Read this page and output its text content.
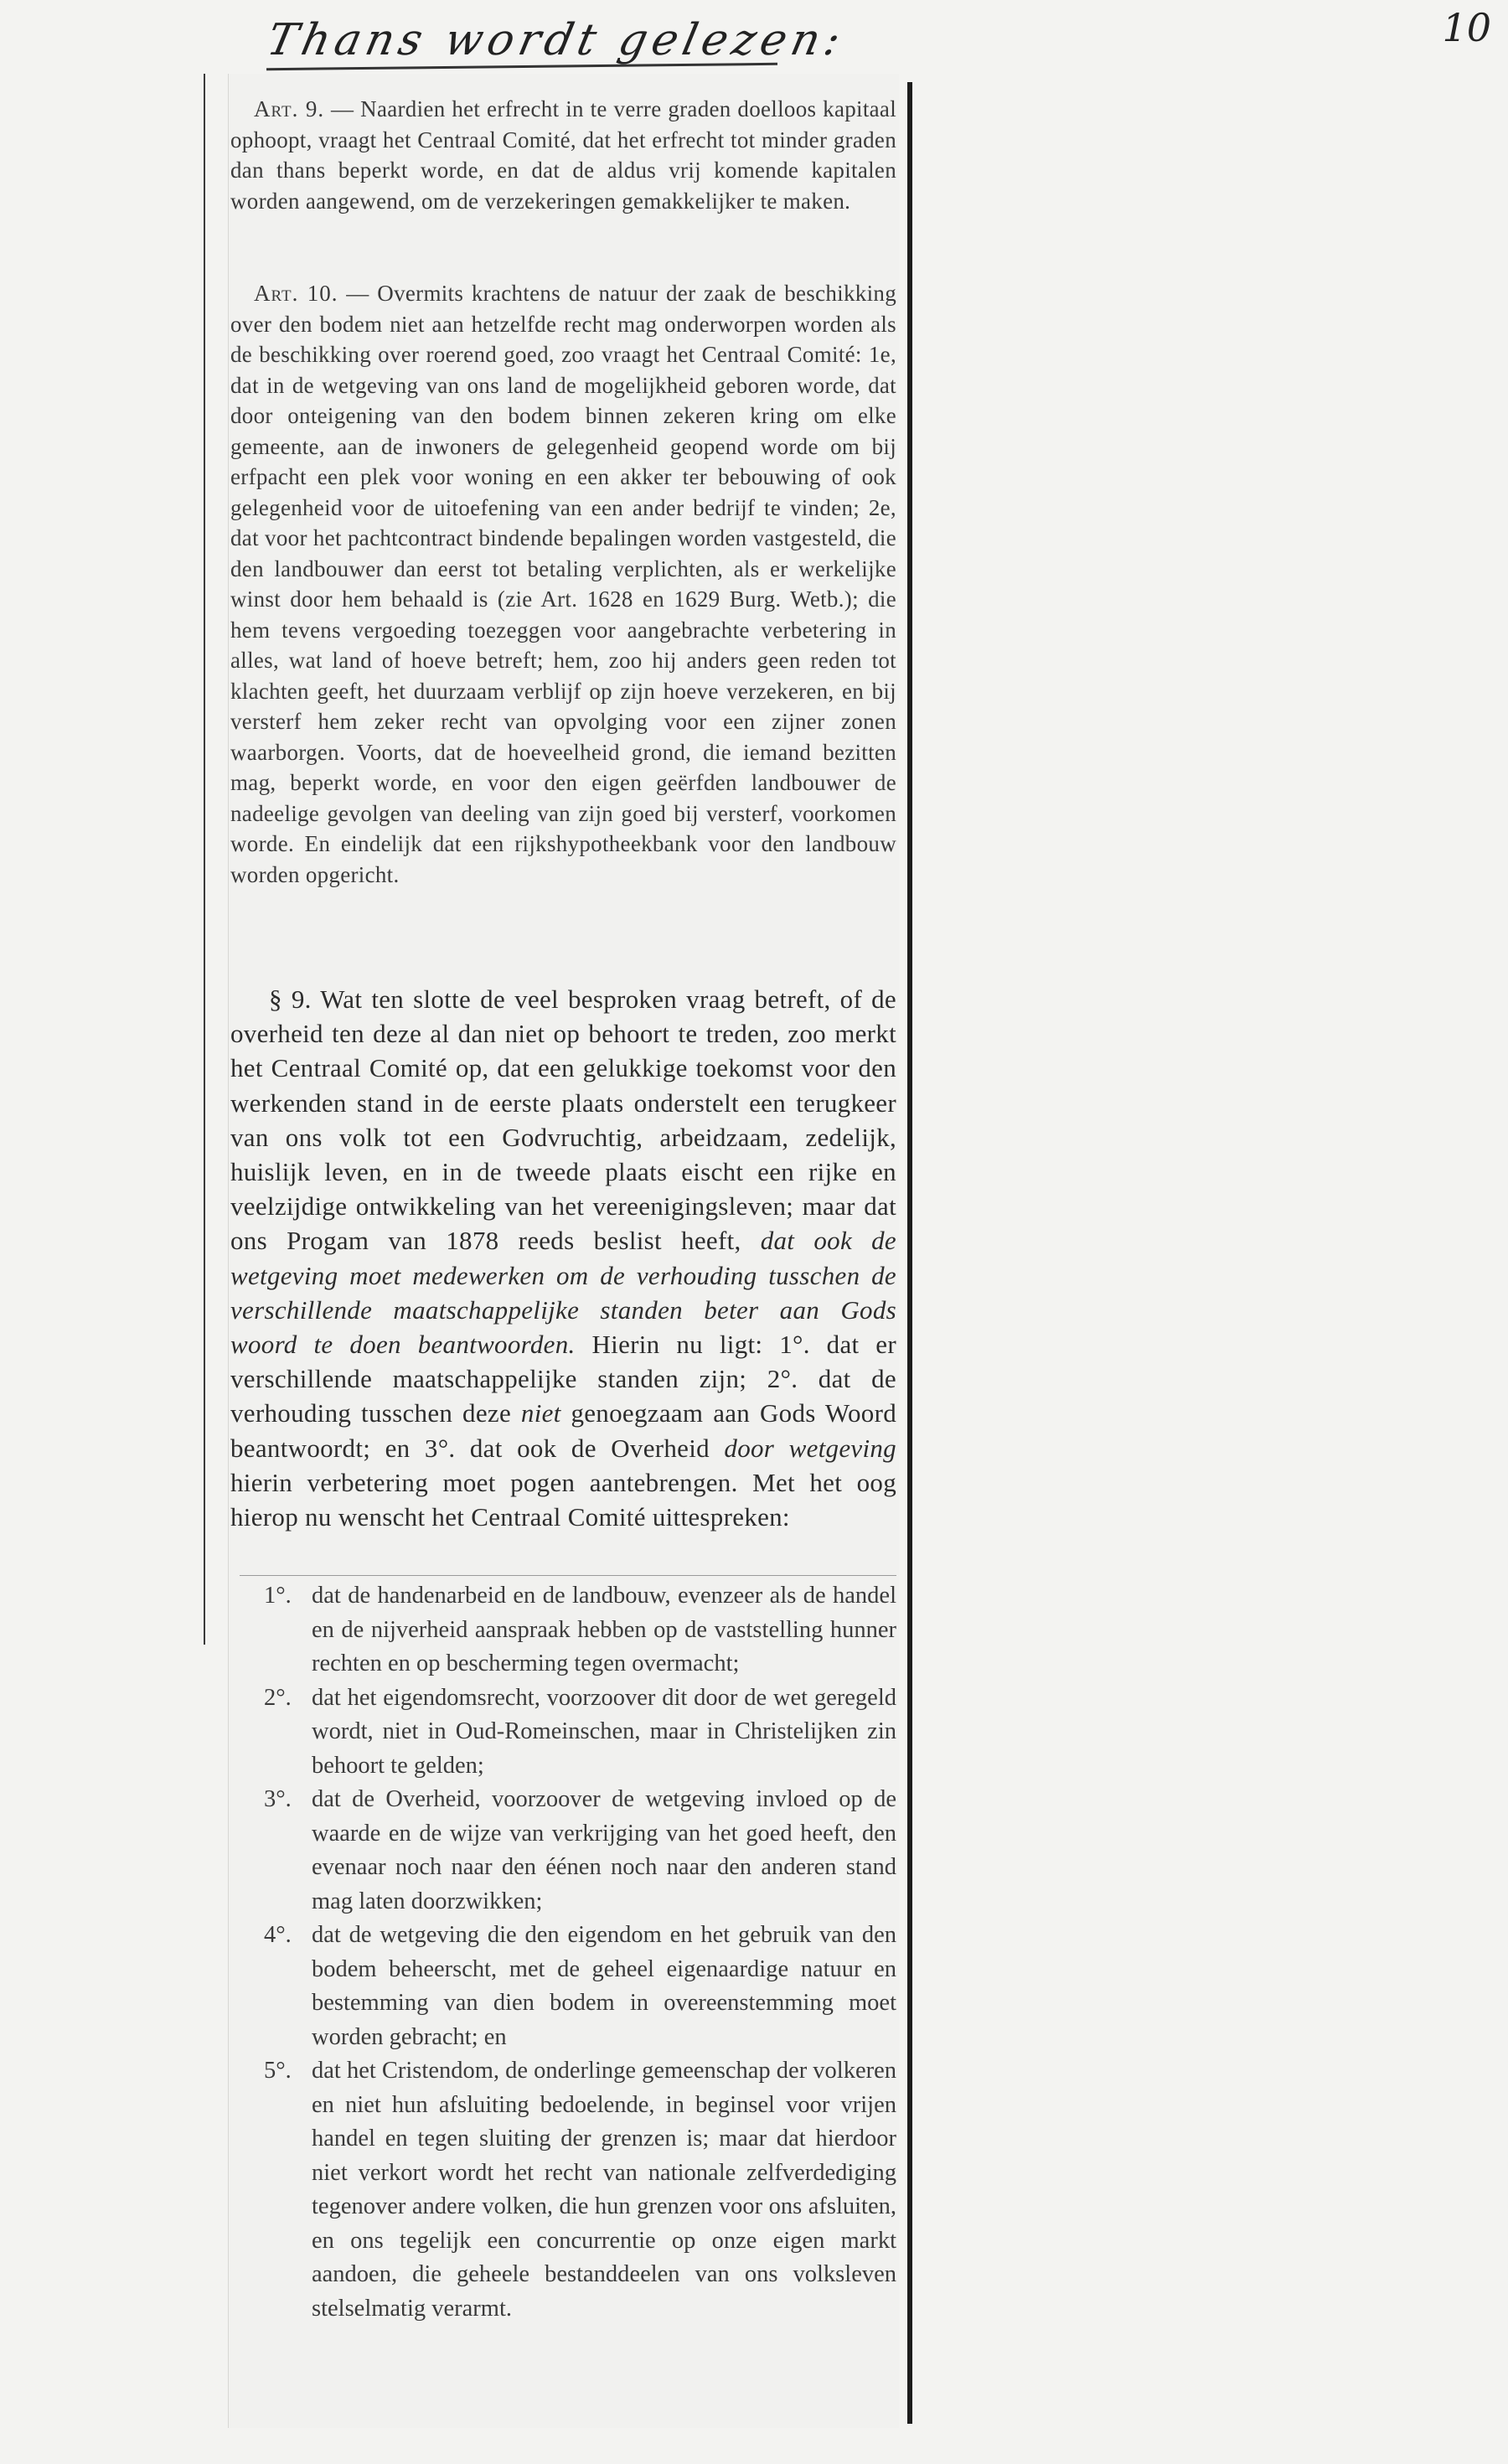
Thans wordt gelezen:	10
Art. 9. — Naardien het erfrecht in te verre graden doelloos kapitaal ophoopt, vraagt het Centraal Comité, dat het erfrecht tot minder graden dan thans beperkt worde, en dat de aldus vrij komende kapitalen worden aangewend, om de verzekeringen gemakkelijker te maken.
Art. 10. — Overmits krachtens de natuur der zaak de beschikking over den bodem niet aan hetzelfde recht mag onderworpen worden als de beschikking over roerend goed, zoo vraagt het Centraal Comité: 1e, dat in de wetgeving van ons land de mogelijkheid geboren worde, dat door onteigening van den bodem binnen zekeren kring om elke gemeente, aan de inwoners de gelegenheid geopend worde om bij erfpacht een plek voor woning en een akker ter bebouwing of ook gelegenheid voor de uitoefening van een ander bedrijf te vinden; 2e, dat voor het pachtcontract bindende bepalingen worden vastgesteld, die den landbouwer dan eerst tot betaling verplichten, als er werkelijke winst door hem behaald is (zie Art. 1628 en 1629 Burg. Wetb.); die hem tevens vergoeding toezeggen voor aangebrachte verbetering in alles, wat land of hoeve betreft; hem, zoo hij anders geen reden tot klachten geeft, het duurzaam verblijf op zijn hoeve verzekeren, en bij versterf hem zeker recht van opvolging voor een zijner zonen waarborgen. Voorts, dat de hoeveelheid grond, die iemand bezitten mag, beperkt worde, en voor den eigen geërfden landbouwer de nadeelige gevolgen van deeling van zijn goed bij versterf, voorkomen worde. En eindelijk dat een rijkshypotheekbank voor den landbouw worden opgericht.
§ 9. Wat ten slotte de veel besproken vraag betreft, of de overheid ten deze al dan niet op behoort te treden, zoo merkt het Centraal Comité op, dat een gelukkige toekomst voor den werkenden stand in de eerste plaats onderstelt een terugkeer van ons volk tot een Godvruchtig, arbeidzaam, zedelijk, huislijk leven, en in de tweede plaats eischt een rijke en veelzijdige ontwikkeling van het vereenigingsleven; maar dat ons Progam van 1878 reeds beslist heeft, dat ook de wetgeving moet medewerken om de verhouding tusschen de verschillende maatschappelijke standen beter aan Gods woord te doen beantwoorden. Hierin nu ligt: 1°. dat er verschillende maatschappelijke standen zijn; 2°. dat de verhouding tusschen deze niet genoegzaam aan Gods Woord beantwoordt; en 3°. dat ook de Overheid door wetgeving hierin verbetering moet pogen aantebrengen. Met het oog hierop nu wenscht het Centraal Comité uittespreken:
1°. dat de handenarbeid en de landbouw, evenzeer als de handel en de nijverheid aanspraak hebben op de vaststelling hunner rechten en op bescherming tegen overmacht;
2°. dat het eigendomsrecht, voorzoover dit door de wet geregeld wordt, niet in Oud-Romeinschen, maar in Christelijken zin behoort te gelden;
3°. dat de Overheid, voorzoover de wetgeving invloed op de waarde en de wijze van verkrijging van het goed heeft, den evenaar noch naar den éénen noch naar den anderen stand mag laten doorzwikken;
4°. dat de wetgeving die den eigendom en het gebruik van den bodem beheerscht, met de geheel eigenaardige natuur en bestemming van dien bodem in overeenstemming moet worden gebracht; en
5°. dat het Cristendom, de onderlinge gemeenschap der volkeren en niet hun afsluiting bedoelende, in beginsel voor vrijen handel en tegen sluiting der grenzen is; maar dat hierdoor niet verkort wordt het recht van nationale zelfverdediging tegenover andere volken, die hun grenzen voor ons afsluiten, en ons tegelijk een concurrentie op onze eigen markt aandoen, die geheele bestanddeelen van ons volksleven stelselmatig verarmt.
